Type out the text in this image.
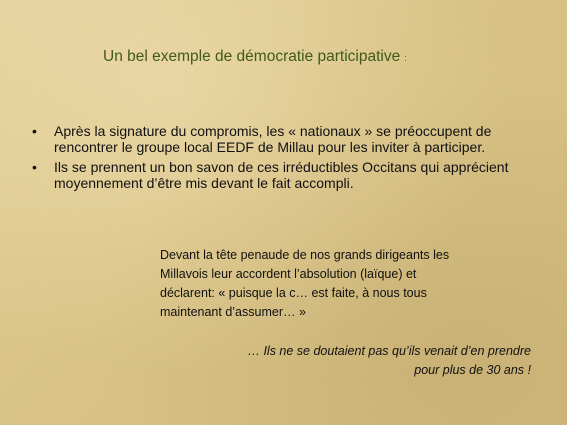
Un bel exemple de démocratie participative :
• Après la signature du compromis, les « nationaux » se préoccupent de rencontrer le groupe local EEDF de Millau pour les inviter à participer.
• Ils se prennent un bon savon de ces irréductibles Occitans qui apprécient moyennement d’être mis devant le fait accompli.
Devant la tête penaude de nos grands dirigeants les
Millavois leur accordent l’absolution (laïque) et
déclarent: « puisque la c… est faite, à nous tous
maintenant d’assumer… »
… Ils ne se doutaient pas qu’ils venait d’en prendre
pour plus de 30 ans !
